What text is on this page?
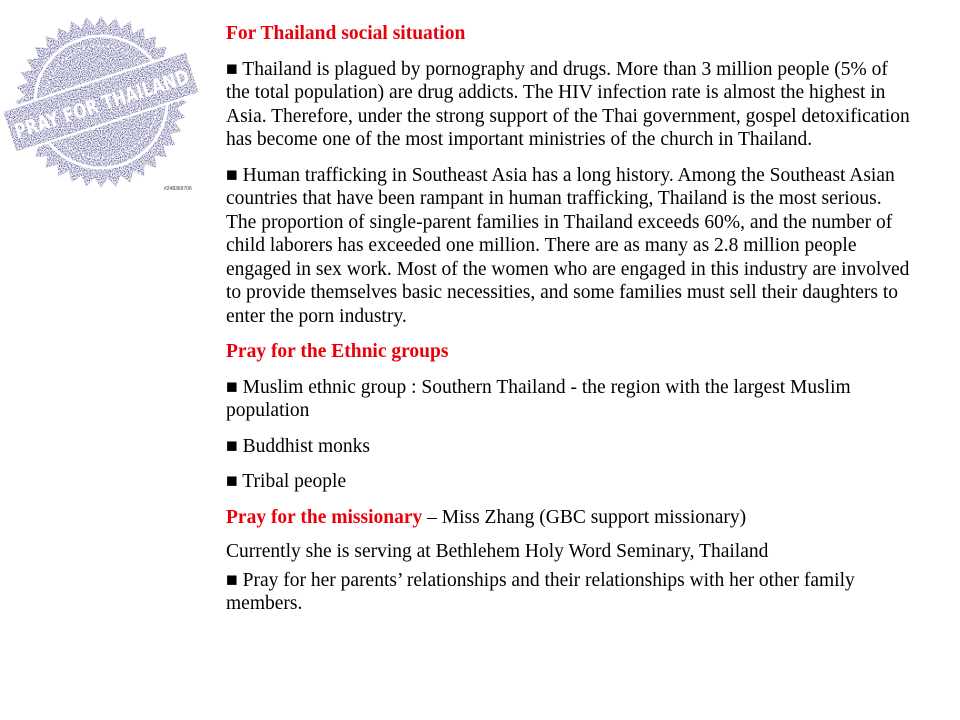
PRAY FOR THAILAND
#248369706
For Thailand social situation
■ Thailand is plagued by pornography and drugs. More than 3 million people (5% of the total population) are drug addicts. The HIV infection rate is almost the highest in Asia. Therefore, under the strong support of the Thai government, gospel detoxification has become one of the most important ministries of the church in Thailand.
■ Human trafficking in Southeast Asia has a long history. Among the Southeast Asian countries that have been rampant in human trafficking, Thailand is the most serious. The proportion of single-parent families in Thailand exceeds 60%, and the number of child laborers has exceeded one million. There are as many as 2.8 million people engaged in sex work. Most of the women who are engaged in this industry are involved to provide themselves basic necessities, and some families must sell their daughters to enter the porn industry.
Pray for the Ethnic groups
■ Muslim ethnic group : Southern Thailand - the region with the largest Muslim population
■ Buddhist monks
■ Tribal people
Pray for the missionary – Miss Zhang (GBC support missionary)
Currently she is serving at Bethlehem Holy Word Seminary, Thailand
■ Pray for her parents’ relationships and their relationships with her other family members.
